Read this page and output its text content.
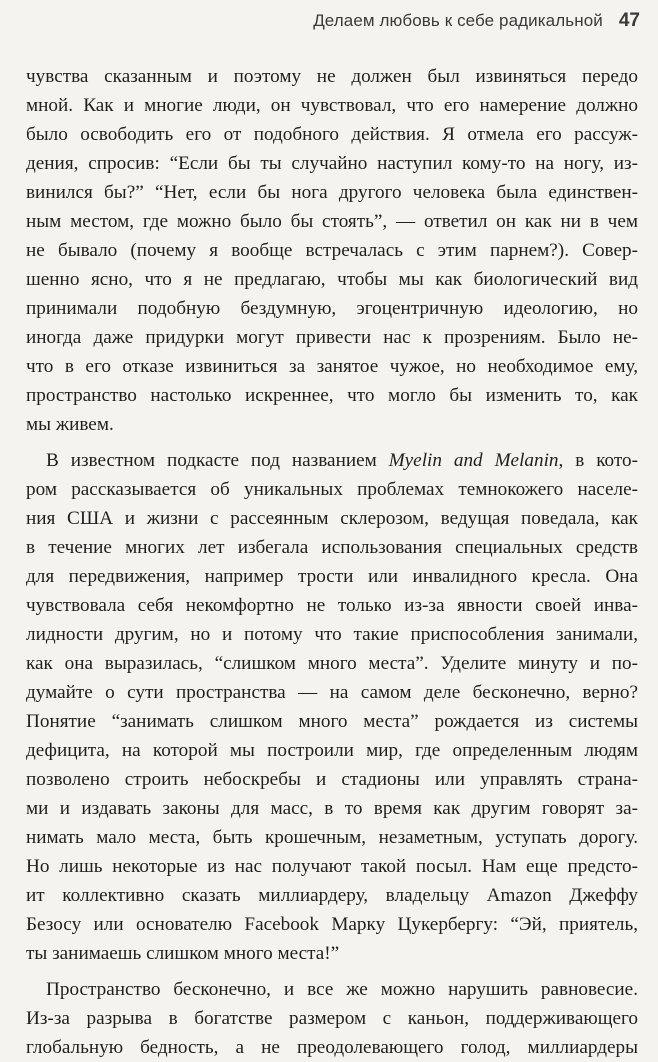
Делаем любовь к себе радикальной 47
чувства сказанным и поэтому не должен был извиняться передо
мной. Как и многие люди, он чувствовал, что его намерение должно
было освободить его от подобного действия. Я отмела его рассуж-
дения, спросив: “Если бы ты случайно наступил кому-то на ногу, из-
винился бы?” “Нет, если бы нога другого человека была единствен-
ным местом, где можно было бы стоять”, — ответил он как ни в чем
не бывало (почему я вообще встречалась с этим парнем?). Совер-
шенно ясно, что я не предлагаю, чтобы мы как биологический вид
принимали подобную бездумную, эгоцентричную идеологию, но
иногда даже придурки могут привести нас к прозрениям. Было не-
что в его отказе извиниться за занятое чужое, но необходимое ему,
пространство настолько искреннее, что могло бы изменить то, как
мы живем.
В известном подкасте под названием Myelin and Melanin, в кото-
ром рассказывается об уникальных проблемах темнокожего населе-
ния США и жизни с рассеянным склерозом, ведущая поведала, как
в течение многих лет избегала использования специальных средств
для передвижения, например трости или инвалидного кресла. Она
чувствовала себя некомфортно не только из-за явности своей инва-
лидности другим, но и потому что такие приспособления занимали,
как она выразилась, “слишком много места”. Уделите минуту и по-
думайте о сути пространства — на самом деле бесконечно, верно?
Понятие “занимать слишком много места” рождается из системы
дефицита, на которой мы построили мир, где определенным людям
позволено строить небоскребы и стадионы или управлять страна-
ми и издавать законы для масс, в то время как другим говорят за-
нимать мало места, быть крошечным, незаметным, уступать дорогу.
Но лишь некоторые из нас получают такой посыл. Нам еще предсто-
ит коллективно сказать миллиардеру, владельцу Amazon Джеффу
Безосу или основателю Facebook Марку Цукербергу: “Эй, приятель,
ты занимаешь слишком много места!”
Пространство бесконечно, и все же можно нарушить равновесие.
Из-за разрыва в богатстве размером с каньон, поддерживающего
глобальную бедность, а не преодолевающего голод, миллиардеры
